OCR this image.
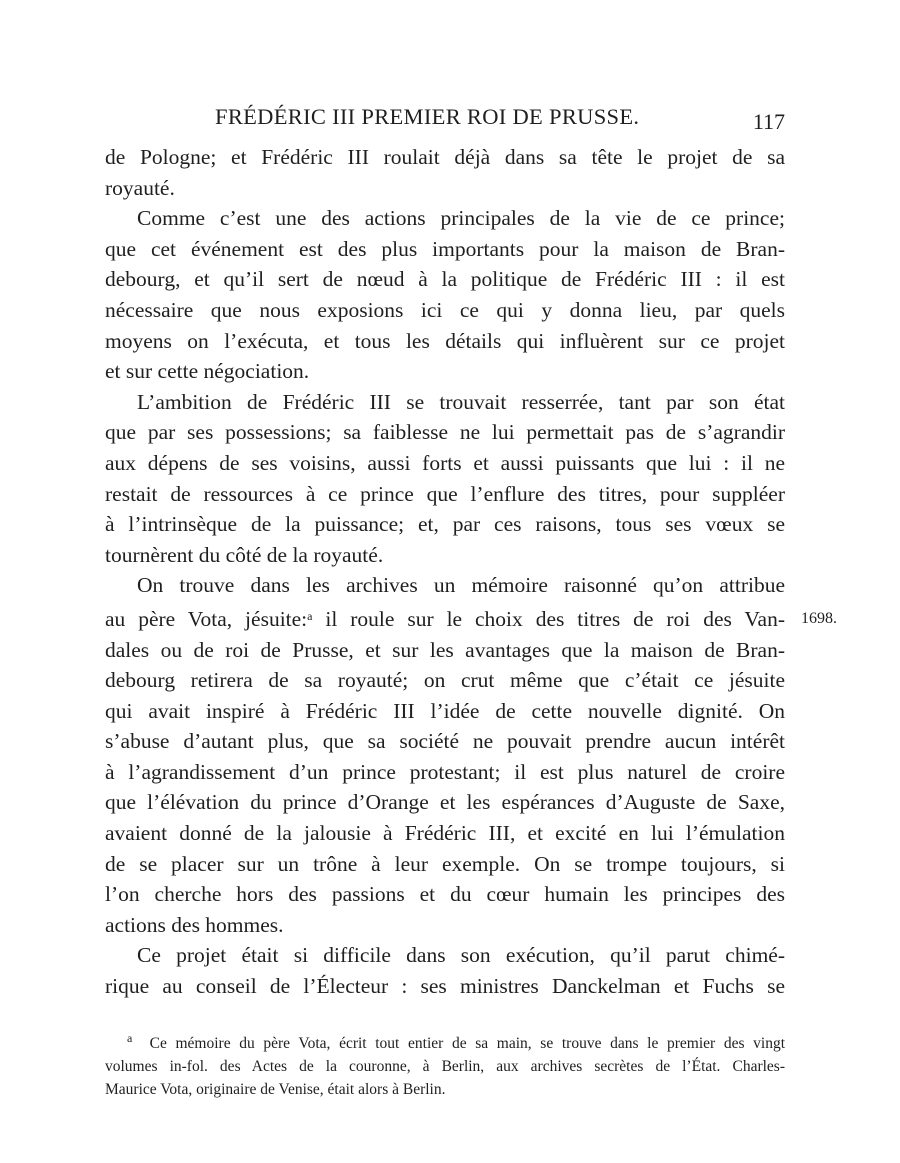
FRÉDÉRIC III PREMIER ROI DE PRUSSE.	117

de Pologne; et Frédéric III roulait déjà dans sa tête le projet de sa
royauté.

Comme c’est une des actions principales de la vie de ce prince;
que cet événement est des plus importants pour la maison de Bran-
debourg, et qu’il sert de nœud à la politique de Frédéric III : il est
nécessaire que nous exposions ici ce qui y donna lieu, par quels
moyens on l’exécuta, et tous les détails qui influèrent sur ce projet
et sur cette négociation.

L’ambition de Frédéric III se trouvait resserrée, tant par son état
que par ses possessions; sa faiblesse ne lui permettait pas de s’agrandir
aux dépens de ses voisins, aussi forts et aussi puissants que lui : il ne
restait de ressources à ce prince que l’enflure des titres, pour suppléer
à l’intrinsèque de la puissance; et, par ces raisons, tous ses vœux se
tournèrent du côté de la royauté.

On trouve dans les archives un mémoire raisonné qu’on attribue
au père Vota, jésuite:$^a$ il roule sur le choix des titres de roi des Van-
dales ou de roi de Prusse, et sur les avantages que la maison de Bran-
debourg retirera de sa royauté; on crut même que c’était ce jésuite
qui avait inspiré à Frédéric III l’idée de cette nouvelle dignité. On
s’abuse d’autant plus, que sa société ne pouvait prendre aucun intérêt
à l’agrandissement d’un prince protestant; il est plus naturel de croire
que l’élévation du prince d’Orange et les espérances d’Auguste de Saxe,
avaient donné de la jalousie à Frédéric III, et excité en lui l’émulation
de se placer sur un trône à leur exemple. On se trompe toujours, si
l’on cherche hors des passions et du cœur humain les principes des
actions des hommes.

Ce projet était si difficile dans son exécution, qu’il parut chimé-
rique au conseil de l’Électeur : ses ministres Danckelman et Fuchs se

1698.
$^a$ Ce mémoire du père Vota, écrit tout entier de sa main, se trouve dans le premier des vingt
volumes in-fol. des Actes de la couronne, à Berlin, aux archives secrètes de l’État. Charles-
Maurice Vota, originaire de Venise, était alors à Berlin.
